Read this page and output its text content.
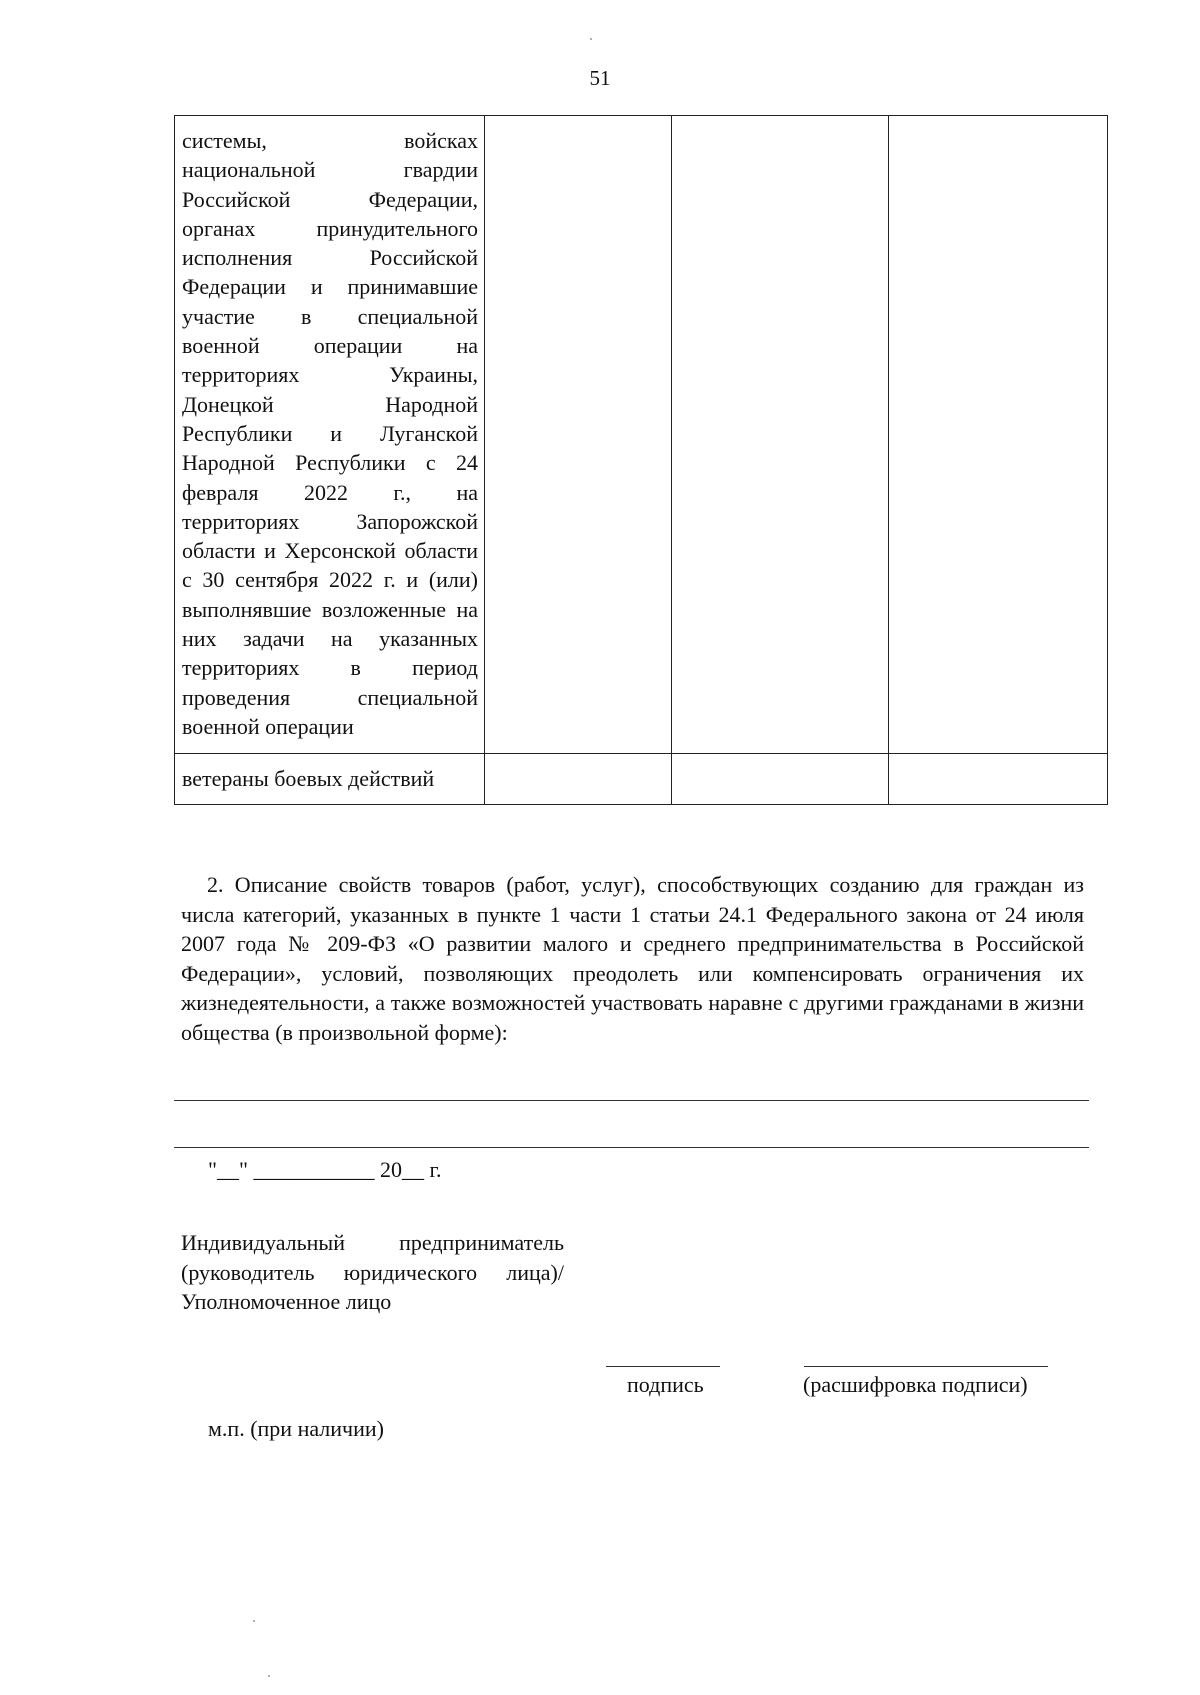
51
системы, войсках национальной гвардии Российской Федерации, органах принудительного исполнения Российской Федерации и принимавшие участие в специальной военной операции на территориях Украины, Донецкой Народной Республики и Луганской Народной Республики с 24 февраля 2022 г., на территориях Запорожской области и Херсонской области с 30 сентября 2022 г. и (или) выполнявшие возложенные на них задачи на указанных территориях в период проведения специальной военной операции			

ветераны боевых действий			

2. Описание свойств товаров (работ, услуг), способствующих созданию для граждан из числа категорий, указанных в пункте 1 части 1 статьи 24.1 Федерального закона от 24 июля 2007 года № 209-ФЗ «О развитии малого и среднего предпринимательства в Российской Федерации», условий, позволяющих преодолеть или компенсировать ограничения их жизнедеятельности, а также возможностей участвовать наравне с другими гражданами в жизни общества (в произвольной форме):

"__" ___________ 20__ г.

Индивидуальный предприниматель (руководитель юридического лица)/Уполномоченное лицо

подпись	(расшифровка подписи)
м.п. (при наличии)
